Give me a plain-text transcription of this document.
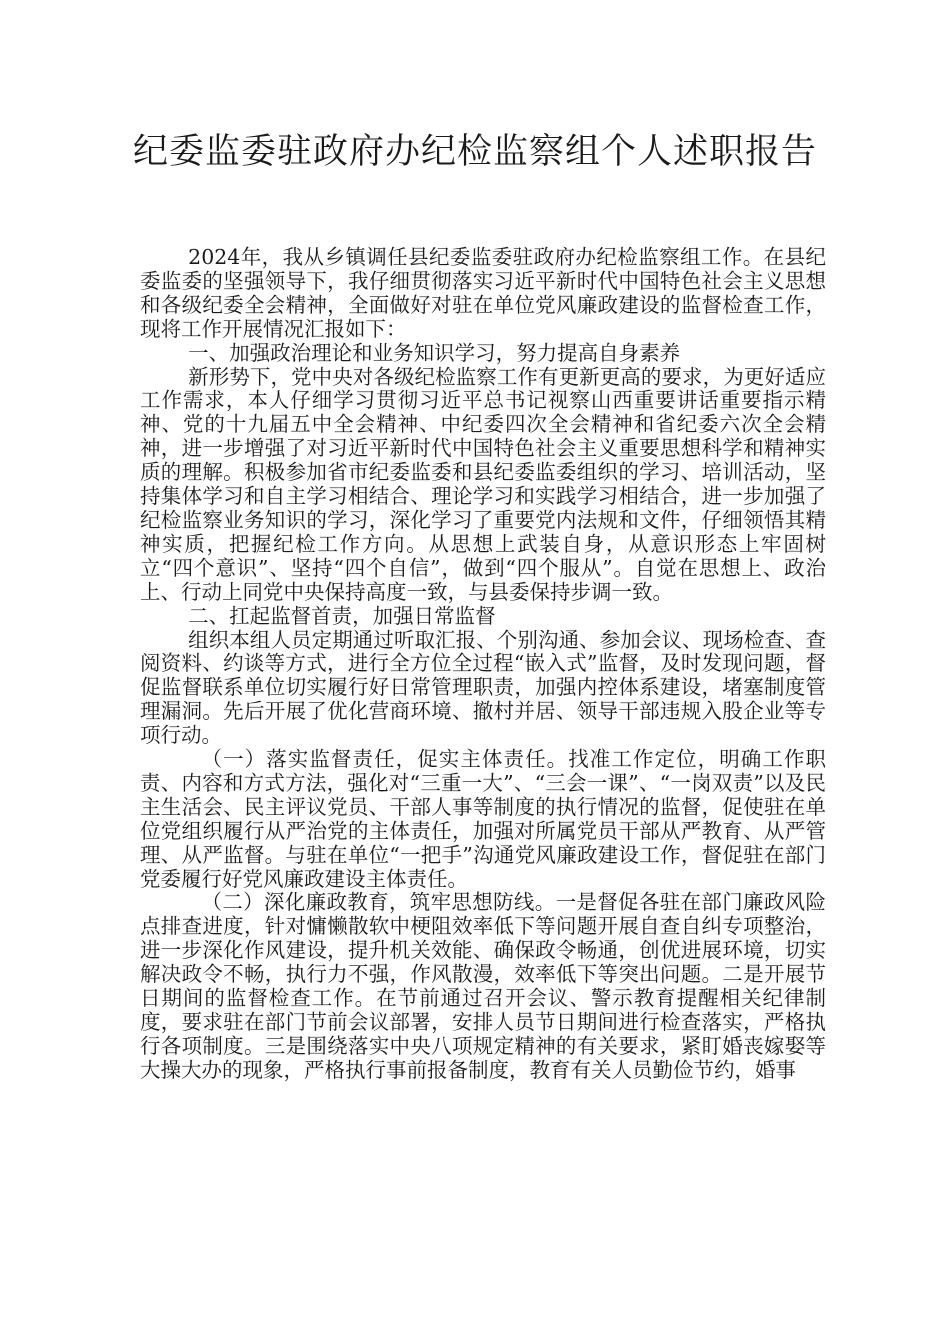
纪委监委驻政府办纪检监察组个人述职报告

2024年，我从乡镇调任县纪委监委驻政府办纪检监察组工作。在县纪委监委的坚强领导下，我仔细贯彻落实习近平新时代中国特色社会主义思想和各级纪委全会精神，全面做好对驻在单位党风廉政建设的监督检查工作，现将工作开展情况汇报如下：

一、加强政治理论和业务知识学习，努力提高自身素养

新形势下，党中央对各级纪检监察工作有更新更高的要求，为更好适应工作需求，本人仔细学习贯彻习近平总书记视察山西重要讲话重要指示精神、党的十九届五中全会精神、中纪委四次全会精神和省纪委六次全会精神，进一步增强了对习近平新时代中国特色社会主义重要思想科学和精神实质的理解。积极参加省市纪委监委和县纪委监委组织的学习、培训活动，坚持集体学习和自主学习相结合、理论学习和实践学习相结合，进一步加强了纪检监察业务知识的学习，深化学习了重要党内法规和文件，仔细领悟其精神实质，把握纪检工作方向。从思想上武装自身，从意识形态上牢固树立“四个意识”、坚持“四个自信”，做到“四个服从”。自觉在思想上、政治上、行动上同党中央保持高度一致，与县委保持步调一致。

二、扛起监督首责，加强日常监督

组织本组人员定期通过听取汇报、个别沟通、参加会议、现场检查、查阅资料、约谈等方式，进行全方位全过程“嵌入式”监督，及时发现问题，督促监督联系单位切实履行好日常管理职责，加强内控体系建设，堵塞制度管理漏洞。先后开展了优化营商环境、撤村并居、领导干部违规入股企业等专项行动。

（一）落实监督责任，促实主体责任。找准工作定位，明确工作职责、内容和方式方法，强化对“三重一大”、“三会一课”、“一岗双责”以及民主生活会、民主评议党员、干部人事等制度的执行情况的监督，促使驻在单位党组织履行从严治党的主体责任，加强对所属党员干部从严教育、从严管理、从严监督。与驻在单位“一把手”沟通党风廉政建设工作，督促驻在部门党委履行好党风廉政建设主体责任。

（二）深化廉政教育，筑牢思想防线。一是督促各驻在部门廉政风险点排查进度，针对慵懒散软中梗阻效率低下等问题开展自查自纠专项整治，进一步深化作风建设，提升机关效能、确保政令畅通，创优进展环境，切实解决政令不畅，执行力不强，作风散漫，效率低下等突出问题。二是开展节日期间的监督检查工作。在节前通过召开会议、警示教育提醒相关纪律制度，要求驻在部门节前会议部署，安排人员节日期间进行检查落实，严格执行各项制度。三是围绕落实中央八项规定精神的有关要求，紧盯婚丧嫁娶等大操大办的现象，严格执行事前报备制度，教育有关人员勤俭节约，婚事
